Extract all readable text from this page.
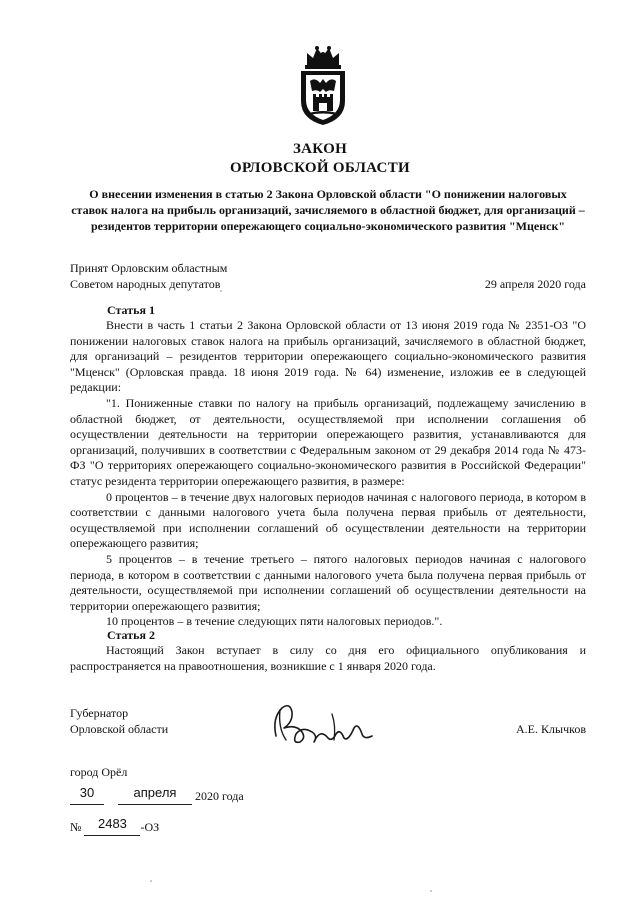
ЗАКОН
ОРЛОВСКОЙ ОБЛАСТИ
О внесении изменения в статью 2 Закона Орловской области "О понижении налоговых ставок налога на прибыль организаций, зачисляемого в областной бюджет, для организаций – резидентов территории опережающего социально-экономического развития "Мценск"
Принят Орловским областным
Советом народных депутатов	29 апреля 2020 года
Статья 1

Внести в часть 1 статьи 2 Закона Орловской области от 13 июня 2019 года № 2351-ОЗ "О понижении налоговых ставок налога на прибыль организаций, зачисляемого в областной бюджет, для организаций – резидентов территории опережающего социально-экономического развития "Мценск" (Орловская правда. 18 июня 2019 года. № 64) изменение, изложив ее в следующей редакции:

"1. Пониженные ставки по налогу на прибыль организаций, подлежащему зачислению в областной бюджет, от деятельности, осуществляемой при исполнении соглашения об осуществлении деятельности на территории опережающего развития, устанавливаются для организаций, получивших в соответствии с Федеральным законом от 29 декабря 2014 года № 473-ФЗ "О территориях опережающего социально-экономического развития в Российской Федерации" статус резидента территории опережающего развития, в размере:

0 процентов – в течение двух налоговых периодов начиная с налогового периода, в котором в соответствии с данными налогового учета была получена первая прибыль от деятельности, осуществляемой при исполнении соглашений об осуществлении деятельности на территории опережающего развития;

5 процентов – в течение третьего – пятого налоговых периодов начиная с налогового периода, в котором в соответствии с данными налогового учета была получена первая прибыль от деятельности, осуществляемой при исполнении соглашений об осуществлении деятельности на территории опережающего развития;

10 процентов – в течение следующих пяти налоговых периодов.".

Статья 2

Настоящий Закон вступает в силу со дня его официального опубликования и распространяется на правоотношения, возникшие с 1 января 2020 года.

Губернатор
Орловской области	А.Е. Клычков
город Орёл
30	апреля 2020 года
№ 2483 -ОЗ
